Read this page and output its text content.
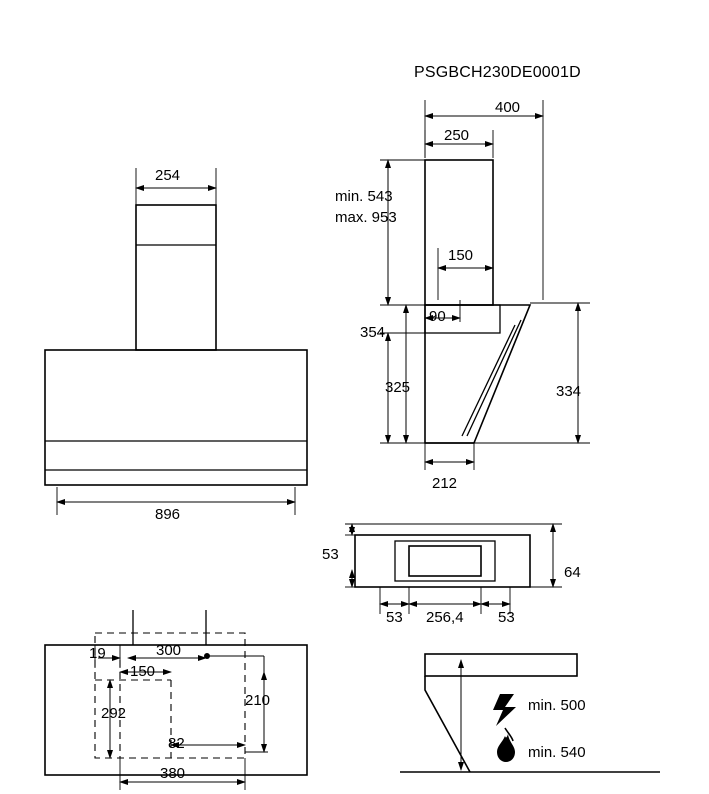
PSGBCH230DE0001D
254
896
400
250
min. 543
max. 953
150
90
354
325	334
212
53
64
53 256,4 53
19	300
150
292
210
82
380
min. 500
min. 540
